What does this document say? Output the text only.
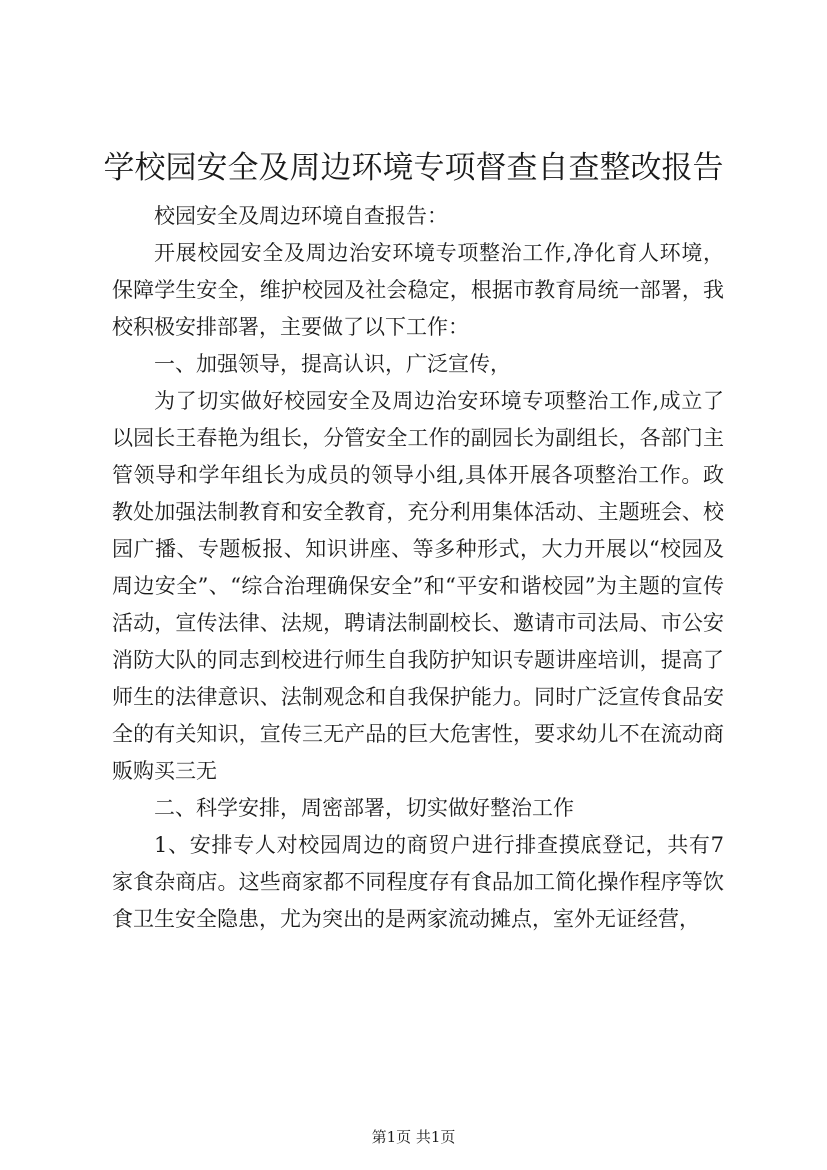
学校园安全及周边环境专项督查自查整改报告

校园安全及周边环境自查报告：

开展校园安全及周边治安环境专项整治工作,净化育人环境，保障学生安全，维护校园及社会稳定，根据市教育局统一部署，我校积极安排部署，主要做了以下工作：

一、加强领导，提高认识，广泛宣传，

为了切实做好校园安全及周边治安环境专项整治工作,成立了以园长王春艳为组长，分管安全工作的副园长为副组长，各部门主管领导和学年组长为成员的领导小组,具体开展各项整治工作。政教处加强法制教育和安全教育，充分利用集体活动、主题班会、校园广播、专题板报、知识讲座、等多种形式，大力开展以“校园及周边安全”、“综合治理确保安全”和“平安和谐校园”为主题的宣传活动，宣传法律、法规，聘请法制副校长、邀请市司法局、市公安消防大队的同志到校进行师生自我防护知识专题讲座培训，提高了师生的法律意识、法制观念和自我保护能力。同时广泛宣传食品安全的有关知识，宣传三无产品的巨大危害性，要求幼儿不在流动商贩购买三无

二、科学安排，周密部署，切实做好整治工作

1、安排专人对校园周边的商贸户进行排查摸底登记，共有7家食杂商店。这些商家都不同程度存有食品加工简化操作程序等饮食卫生安全隐患，尤为突出的是两家流动摊点，室外无证经营，

第1页 共1页
